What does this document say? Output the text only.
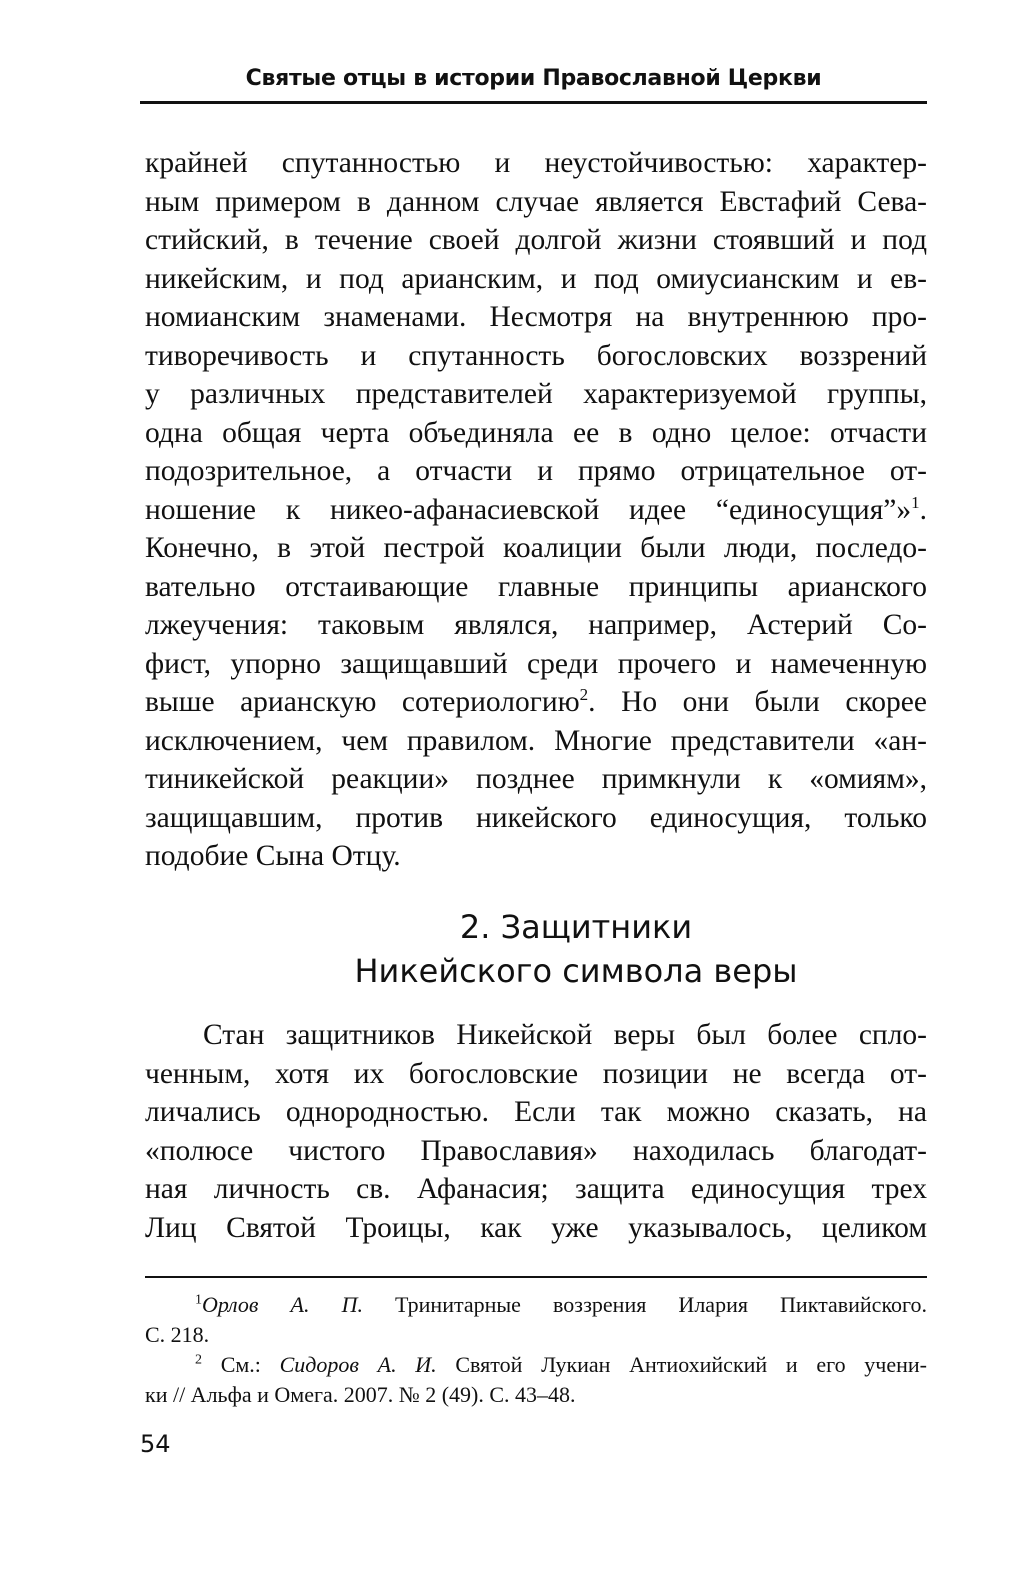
Святые отцы в истории Православной Церкви
крайней спутанностью и неустойчивостью: характер-
ным примером в данном случае является Евстафий Сева-
стийский, в течение своей долгой жизни стоявший и под
никейским, и под арианским, и под омиусианским и ев-
номианским знаменами. Несмотря на внутреннюю про-
тиворечивость и спутанность богословских воззрений
у различных представителей характеризуемой группы,
одна общая черта объединяла ее в одно целое: отчасти
подозрительное, а отчасти и прямо отрицательное от-
ношение к никео-афанасиевской идее “единосущия”»$^1$.
Конечно, в этой пестрой коалиции были люди, последо-
вательно отстаивающие главные принципы арианского
лжеучения: таковым являлся, например, Астерий Со-
фист, упорно защищавший среди прочего и намеченную
выше арианскую сотериологию$^2$. Но они были скорее
исключением, чем правилом. Многие представители «ан-
тиникейской реакции» позднее примкнули к «омиям»,
защищавшим, против никейского единосущия, только
подобие Сына Отцу.
2. Защитники
Никейского символа веры
Стан защитников Никейской веры был более спло-
ченным, хотя их богословские позиции не всегда от-
личались однородностью. Если так можно сказать, на
«полюсе чистого Православия» находилась благодат-
ная личность св. Афанасия; защита единосущия трех
Лиц Святой Троицы, как уже указывалось, целиком
$^1$Орлов А. П. Тринитарные воззрения Илария Пиктавийского.
С. 218.
$^2$ См.: Сидоров А. И. Святой Лукиан Антиохийский и его учени-
ки // Альфа и Омега. 2007. № 2 (49). С. 43–48.
54
